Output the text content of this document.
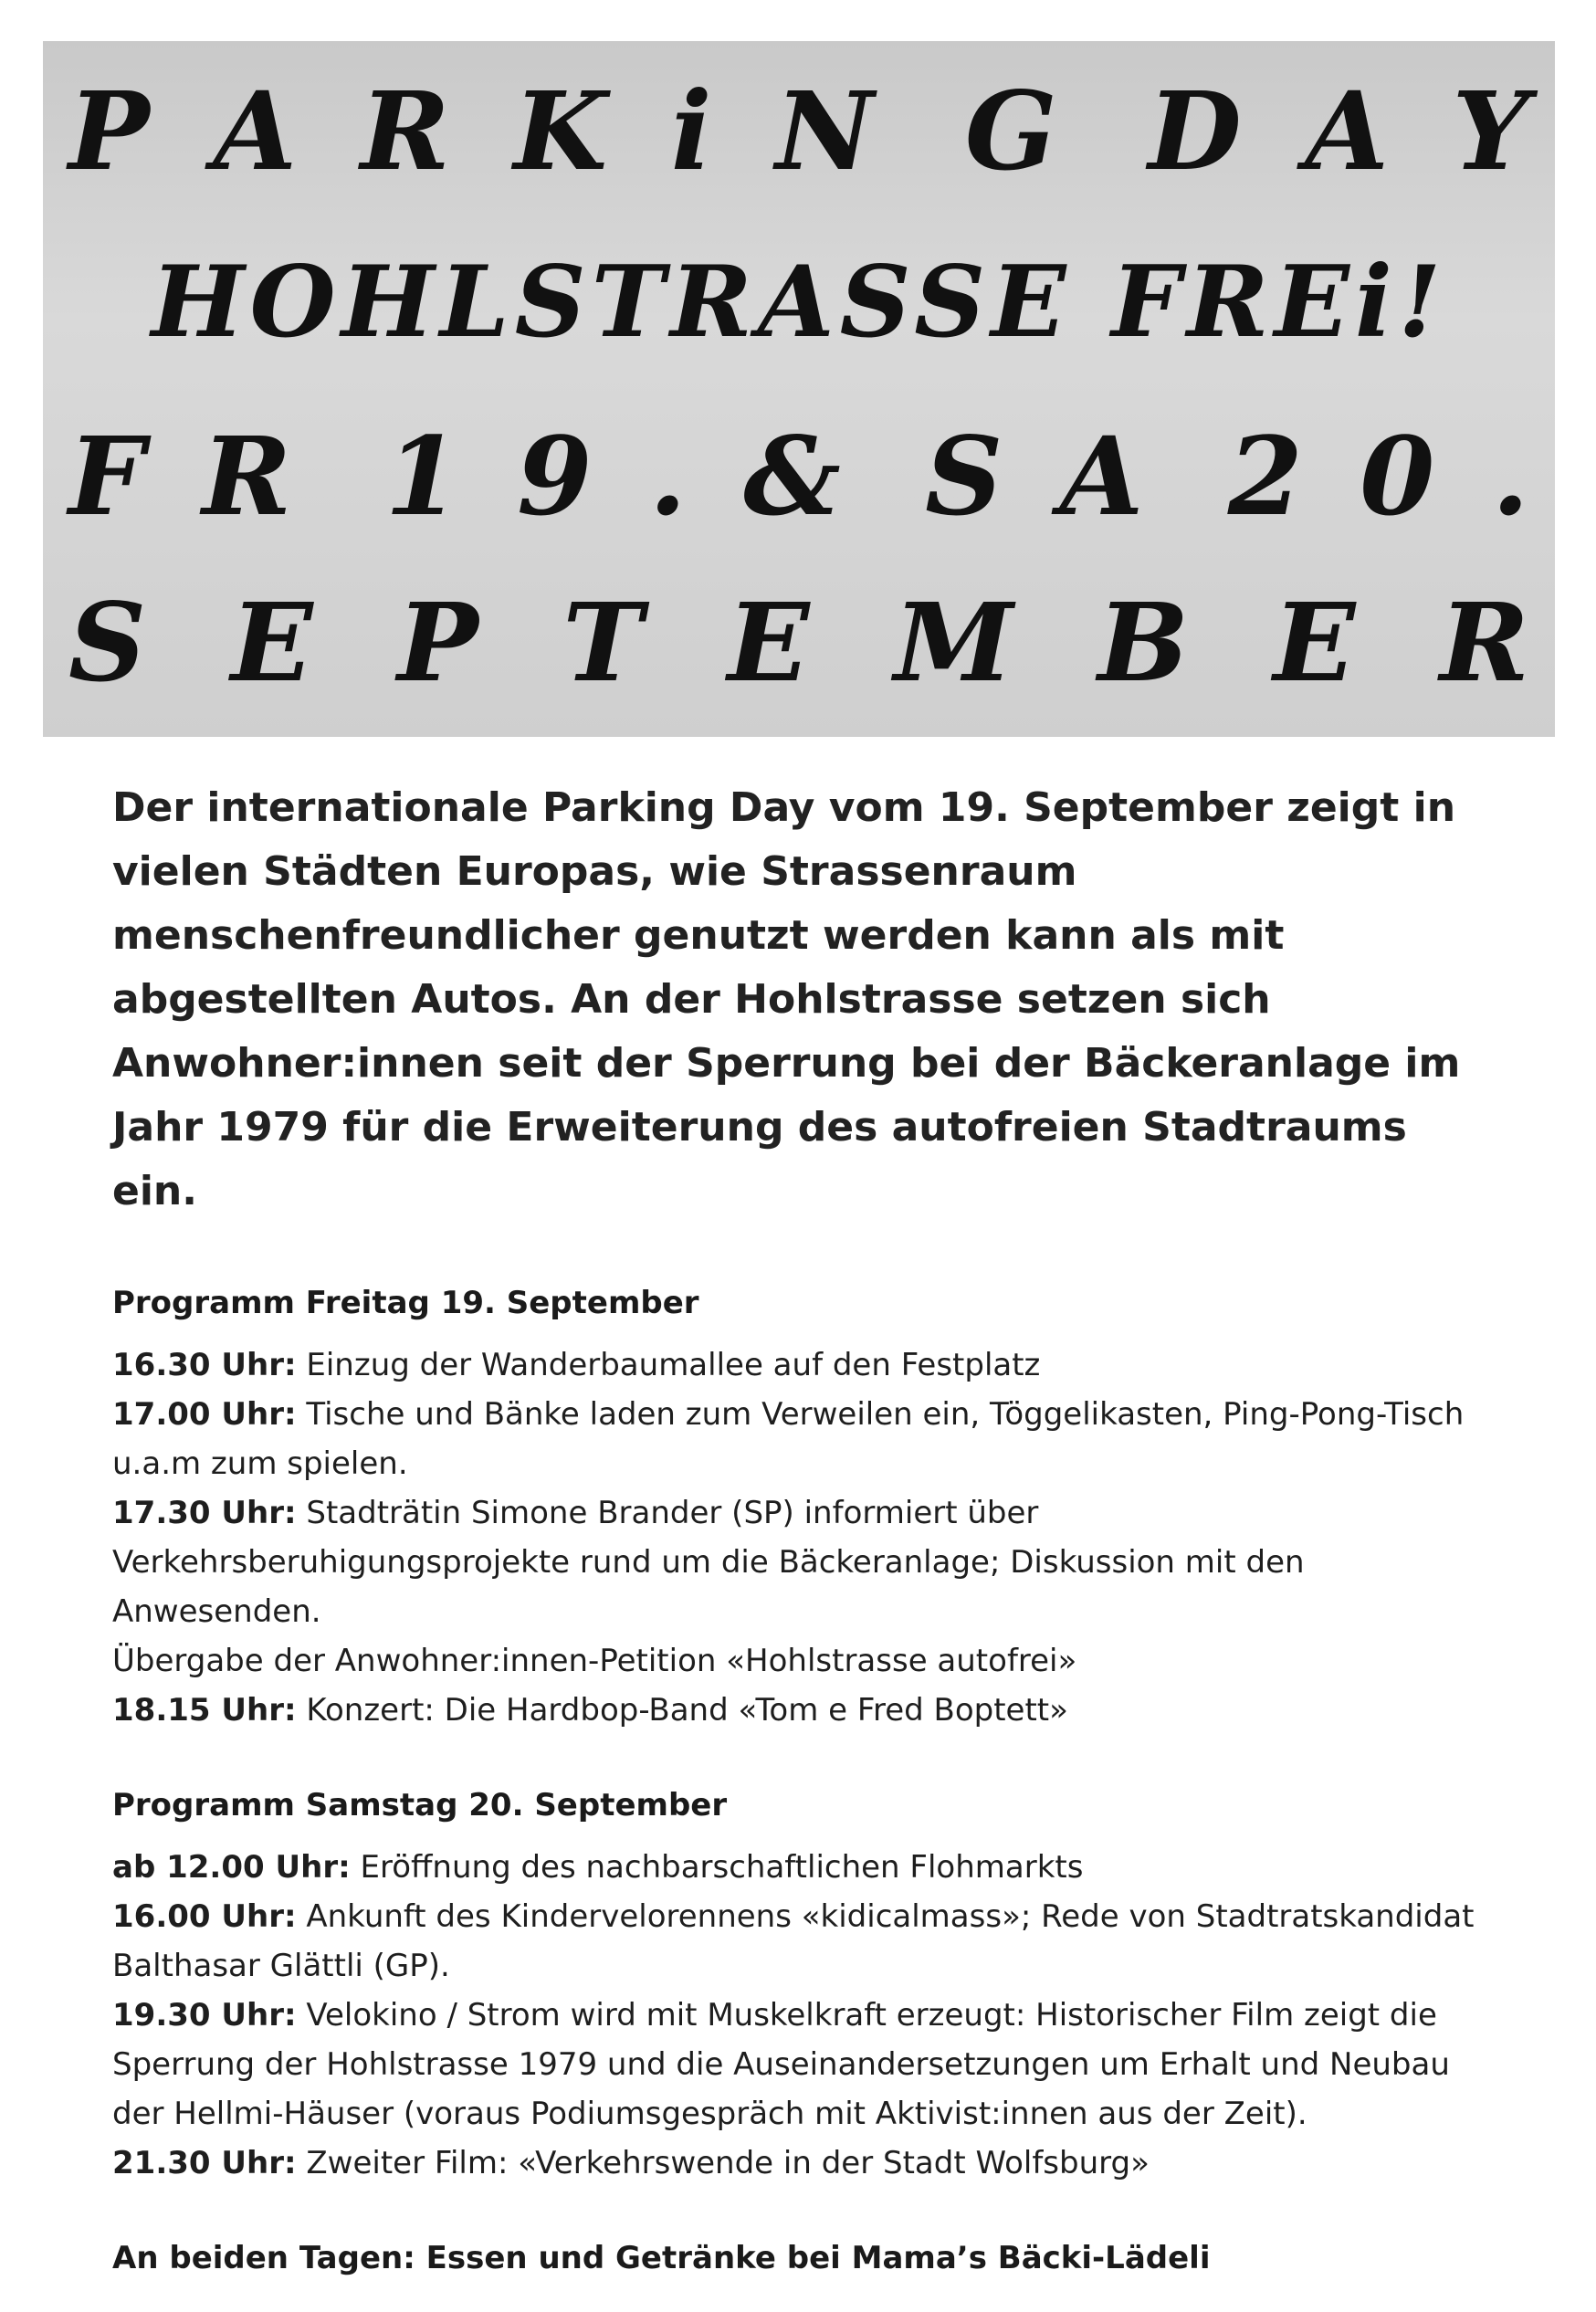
P A R K i N G D A Y
HOHLSTRASSE FREi!
F R 1 9 . & S A 2 0 .
S E P T E M B E R

Der internationale Parking Day vom 19. September zeigt in vielen Städten Europas, wie Strassenraum menschenfreundlicher genutzt werden kann als mit abgestellten Autos. An der Hohlstrasse setzen sich Anwohner:innen seit der Sperrung bei der Bäckeranlage im Jahr 1979 für die Erweiterung des autofreien Stadtraums ein.

Programm Freitag 19. September

16.30 Uhr: Einzug der Wanderbaumallee auf den Festplatz

17.00 Uhr: Tische und Bänke laden zum Verweilen ein, Töggelikasten, Ping-Pong-Tisch u.a.m zum spielen.

17.30 Uhr: Stadträtin Simone Brander (SP) informiert über Verkehrsberuhigungsprojekte rund um die Bäckeranlage; Diskussion mit den Anwesenden.

Übergabe der Anwohner:innen-Petition «Hohlstrasse autofrei»

18.15 Uhr: Konzert: Die Hardbop-Band «Tom e Fred Boptett»

Programm Samstag 20. September

ab 12.00 Uhr: Eröffnung des nachbarschaftlichen Flohmarkts

16.00 Uhr: Ankunft des Kindervelorennens «kidicalmass»; Rede von Stadtratskandidat Balthasar Glättli (GP).

19.30 Uhr: Velokino / Strom wird mit Muskelkraft erzeugt: Historischer Film zeigt die Sperrung der Hohlstrasse 1979 und die Auseinandersetzungen um Erhalt und Neubau der Hellmi-Häuser (voraus Podiumsgespräch mit Aktivist:innen aus der Zeit).

21.30 Uhr: Zweiter Film: «Verkehrswende in der Stadt Wolfsburg»

An beiden Tagen: Essen und Getränke bei Mama’s Bäcki-Lädeli
